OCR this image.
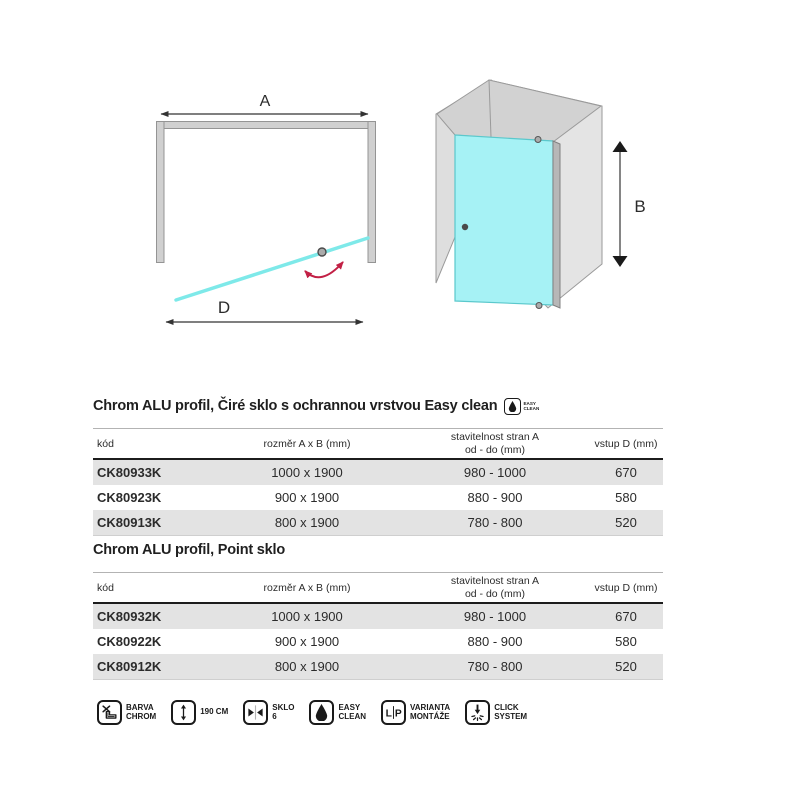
A
D
B
Chrom ALU profil, Čiré sklo s ochrannou vrstvou Easy clean	EASY
CLEAN
kód	rozměr A x B (mm)
stavitelnost stran A
od - do (mm)	vstup D (mm)
CK80933K	1000 x 1900	980 - 1000	670
CK80923K	900 x 1900	880 - 900	580
CK80913K	800 x 1900	780 - 800	520
Chrom ALU profil, Point sklo
kód	rozměr A x B (mm)
stavitelnost stran A
od - do (mm)	vstup D (mm)
CK80932K	1000 x 1900	980 - 1000	670
CK80922K	900 x 1900	880 - 900	580
CK80912K	800 x 1900	780 - 800	520
BARVA
CHROM	190 CM	SKLO
6
EASY
CLEAN L P
VARIANTA
MONTÁŽE
CLICK
SYSTEM
